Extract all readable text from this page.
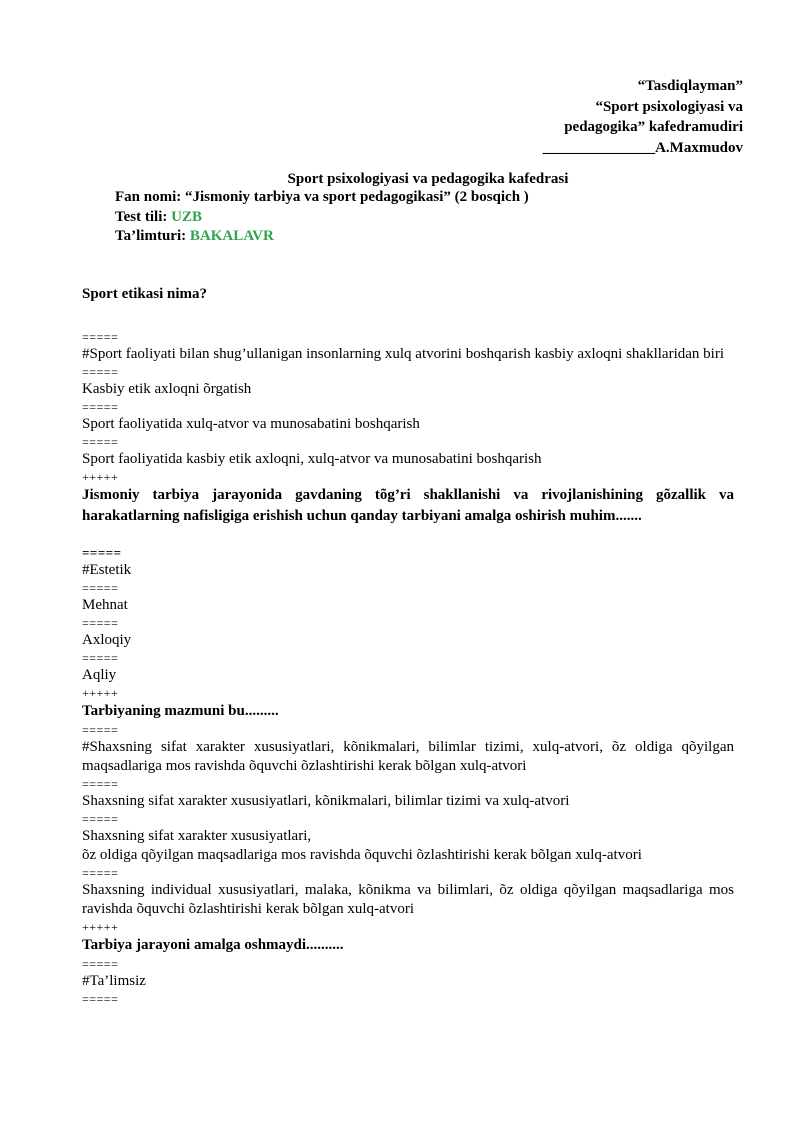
“Tasdiqlayman”
“Sport psixologiyasi va
pedagogika” kafedramudiri
_______________A.Maxmudov
Sport psixologiyasi va pedagogika kafedrasi
Fan nomi: “Jismoniy tarbiya va sport pedagogikasi” (2 bosqich )
Test tili: UZB
Ta’limturi: BAKALAVR
Sport etikasi nima?
=====
#Sport faoliyati bilan shug’ullanigan insonlarning xulq atvorini boshqarish kasbiy axloqni shakllaridan biri
=====
Kasbiy etik axloqni õrgatish
=====
Sport faoliyatida xulq-atvor va munosabatini boshqarish
=====
Sport faoliyatida kasbiy etik axloqni, xulq-atvor va munosabatini boshqarish
+++++
Jismoniy tarbiya jarayonida gavdaning tõg’ri shakllanishi va rivojlanishining gõzallik va harakatlarning nafisligiga erishish uchun qanday tarbiyani amalga oshirish muhim.......
=====
#Estetik
=====
Mehnat
=====
Axloqiy
=====
Aqliy
+++++
Tarbiyaning mazmuni bu.........
=====
#Shaxsning sifat xarakter xususiyatlari, kõnikmalari, bilimlar tizimi, xulq-atvori, õz oldiga qõyilgan maqsadlariga mos ravishda õquvchi õzlashtirishi kerak bõlgan xulq-atvori
=====
Shaxsning sifat xarakter xususiyatlari, kõnikmalari, bilimlar tizimi va xulq-atvori
=====
Shaxsning sifat xarakter xususiyatlari,
õz oldiga qõyilgan maqsadlariga mos ravishda õquvchi õzlashtirishi kerak bõlgan xulq-atvori
=====
Shaxsning individual xususiyatlari, malaka, kõnikma va bilimlari, õz oldiga qõyilgan maqsadlariga mos ravishda õquvchi õzlashtirishi kerak bõlgan xulq-atvori
+++++
Tarbiya jarayoni amalga oshmaydi..........
=====
#Ta’limsiz
=====
